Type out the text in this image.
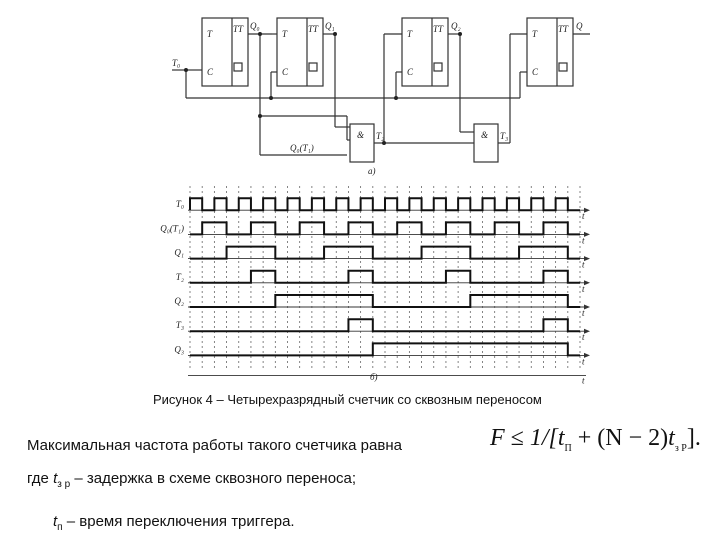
T
C
TT	T
C
TT	T
C
TT	T
C
TT
T₀
Q₀	Q₁	Q₂	Q
Q₀(T₁)
T₂	T₃
&	&
а)
t
T₀
t
Q₀(T₁)
t
Q₁
t
T₂
t
Q₂
t
T₃
t
Q₃
t
б)
Рисунок 4 – Четырехразрядный счетчик со сквозным переносом
Максимальная частота работы такого счетчика равна
где $t_{з р}$ – задержка в схеме сквозного переноса;
$t_п$ – время переключения триггера.
$F \le 1/[t_П + (N - 2)t_{з Р}]$.
